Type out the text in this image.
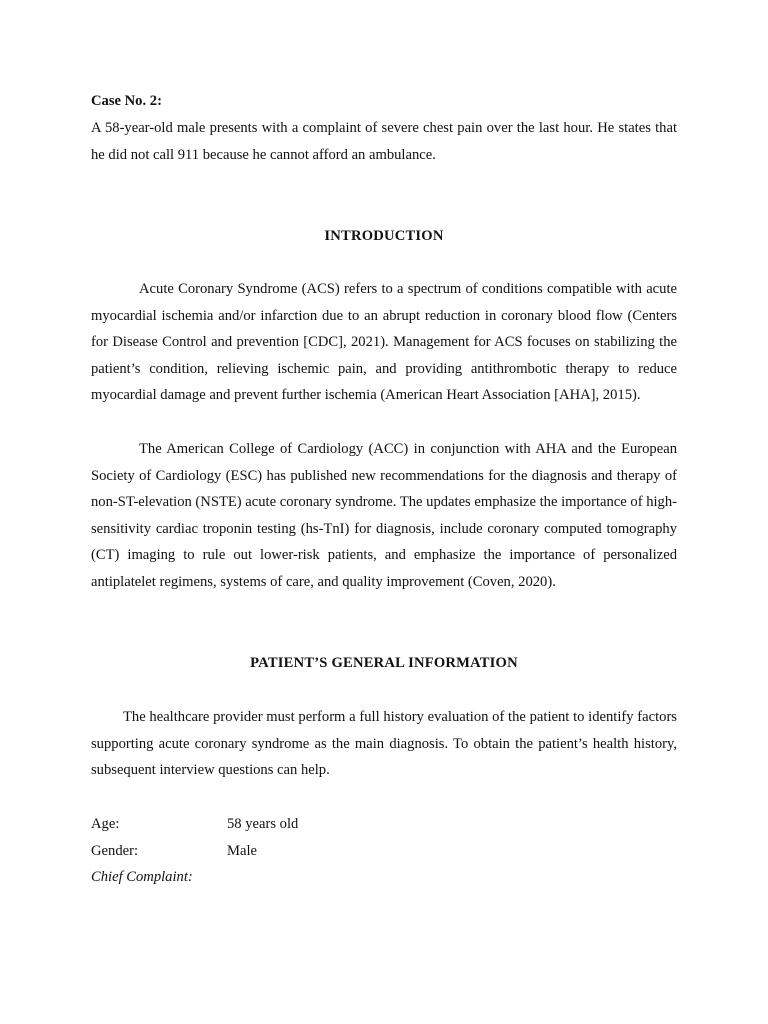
Case No. 2:

A 58-year-old male presents with a complaint of severe chest pain over the last hour. He states that he did not call 911 because he cannot afford an ambulance.

INTRODUCTION

Acute Coronary Syndrome (ACS) refers to a spectrum of conditions compatible with acute myocardial ischemia and/or infarction due to an abrupt reduction in coronary blood flow (Centers for Disease Control and prevention [CDC], 2021). Management for ACS focuses on stabilizing the patient’s condition, relieving ischemic pain, and providing antithrombotic therapy to reduce myocardial damage and prevent further ischemia (American Heart Association [AHA], 2015).

The American College of Cardiology (ACC) in conjunction with AHA and the European Society of Cardiology (ESC) has published new recommendations for the diagnosis and therapy of non-ST-elevation (NSTE) acute coronary syndrome. The updates emphasize the importance of high-sensitivity cardiac troponin testing (hs-TnI) for diagnosis, include coronary computed tomography (CT) imaging to rule out lower-risk patients, and emphasize the importance of personalized antiplatelet regimens, systems of care, and quality improvement (Coven, 2020).

PATIENT’S GENERAL INFORMATION

The healthcare provider must perform a full history evaluation of the patient to identify factors supporting acute coronary syndrome as the main diagnosis. To obtain the patient’s health history, subsequent interview questions can help.

Age:	58 years old
Gender:	Male

Chief Complaint:
